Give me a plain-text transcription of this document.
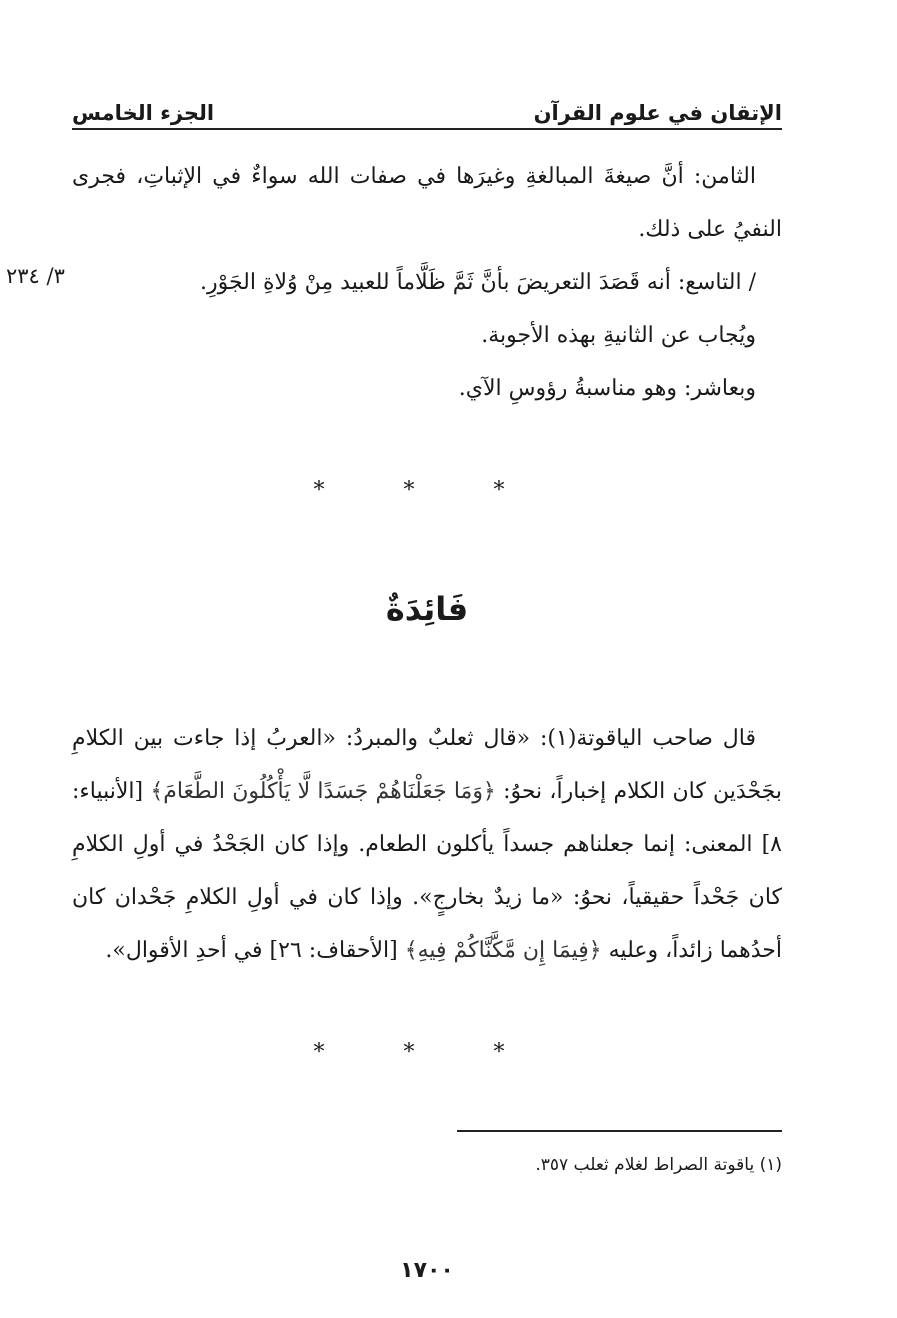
الإتقان في علوم القرآن
الجزء الخامس

الثامن: أنَّ صيغةَ المبالغةِ وغيرَها في صفات الله سواءٌ في الإثباتِ، فجرى النفيُ على ذلك.

/ التاسع: أنه قَصَدَ التعريضَ بأنَّ ثَمَّ ظَلَّاماً للعبيد مِنْ وُلاةِ الجَوْرِ.

ويُجاب عن الثانيةِ بهذه الأجوبة.

وبعاشر: وهو مناسبةُ رؤوسِ الآي.

٣/ ٢٣٤
* * *
فَائِدَةٌ

قال صاحب الياقوتة(١): «قال ثعلبٌ والمبردُ: «العربُ إذا جاءت بين الكلامِ بجَحْدَين كان الكلام إخباراً، نحوُ: ﴿وَمَا جَعَلْنَاهُمْ جَسَدًا لَّا يَأْكُلُونَ الطَّعَامَ﴾ [الأنبياء: ٨] المعنى: إنما جعلناهم جسداً يأكلون الطعام. وإذا كان الجَحْدُ في أولِ الكلامِ كان جَحْداً حقيقياً، نحوُ: «ما زيدٌ بخارجٍ». وإذا كان في أولِ الكلامِ جَحْدان كان أحدُهما زائداً، وعليه ﴿فِيمَا إِن مَّكَّنَّاكُمْ فِيهِ﴾ [الأحقاف: ٢٦] في أحدِ الأقوال».

* * *
(١) ياقوتة الصراط لغلام ثعلب ٣٥٧.
١٧٠٠
